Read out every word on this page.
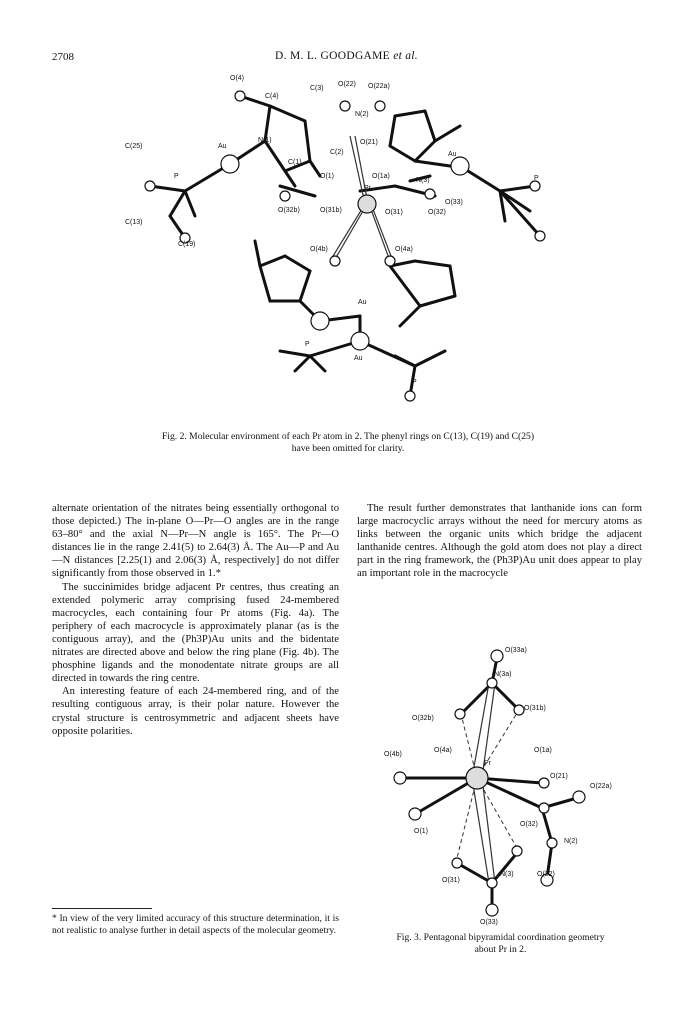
2708	D. M. L. GOODGAME et al.
O(4)
C(4)
C(3)
O(22) O(22a)
N(2)
C(25)	Au
N(1)
C(2)
O(21)
C(1)
O(1)	O(1a)
N(3)
Pr
P
O(33)
O(32b)	O(31b)	O(31)	O(32)
C(13)
C(19)
Au
P
O(4b)	O(4a)
Au
Au
P
P
Fig. 2. Molecular environment of each Pr atom in 2. The phenyl rings on C(13), C(19) and C(25)
have been omitted for clarity.

alternate orientation of the nitrates being essentially orthogonal to those depicted.) The in-plane O—Pr—O angles are in the range 63–80° and the axial N—Pr—N angle is 165°. The Pr—O distances lie in the range 2.41(5) to 2.64(3) Å. The Au—P and Au—N distances [2.25(1) and 2.06(3) Å, respectively] do not differ significantly from those observed in 1.*

The succinimides bridge adjacent Pr centres, thus creating an extended polymeric array comprising fused 24-membered macrocycles, each containing four Pr atoms (Fig. 4a). The periphery of each macrocycle is approximately planar (as is the contiguous array), and the (Ph3P)Au units and the bidentate nitrates are directed above and below the ring plane (Fig. 4b). The phosphine ligands and the monodentate nitrate groups are all directed in towards the ring centre.

An interesting feature of each 24-membered ring, and of the resulting contiguous array, is their polar nature. However the crystal structure is centrosymmetric and adjacent sheets have opposite polarities.

The result further demonstrates that lanthanide ions can form large macrocyclic arrays without the need for mercury atoms as links between the organic units which bridge the adjacent lanthanide centres. Although the gold atom does not play a direct part in the ring framework, the (Ph3P)Au unit does appear to play an important role in the macrocycle

O(33a)
N(3a)
O(31b)
O(32b)
O(4b)
O(4a)	O(1a)
Pr
O(21)
O(22a)
O(1)
O(32)
N(2)
O(31)
N(3)	O(22)
O(33)
* In view of the very limited accuracy of this structure determination, it is not realistic to analyse further in detail aspects of the molecular geometry.
Fig. 3. Pentagonal bipyramidal coordination geometry
about Pr in 2.
